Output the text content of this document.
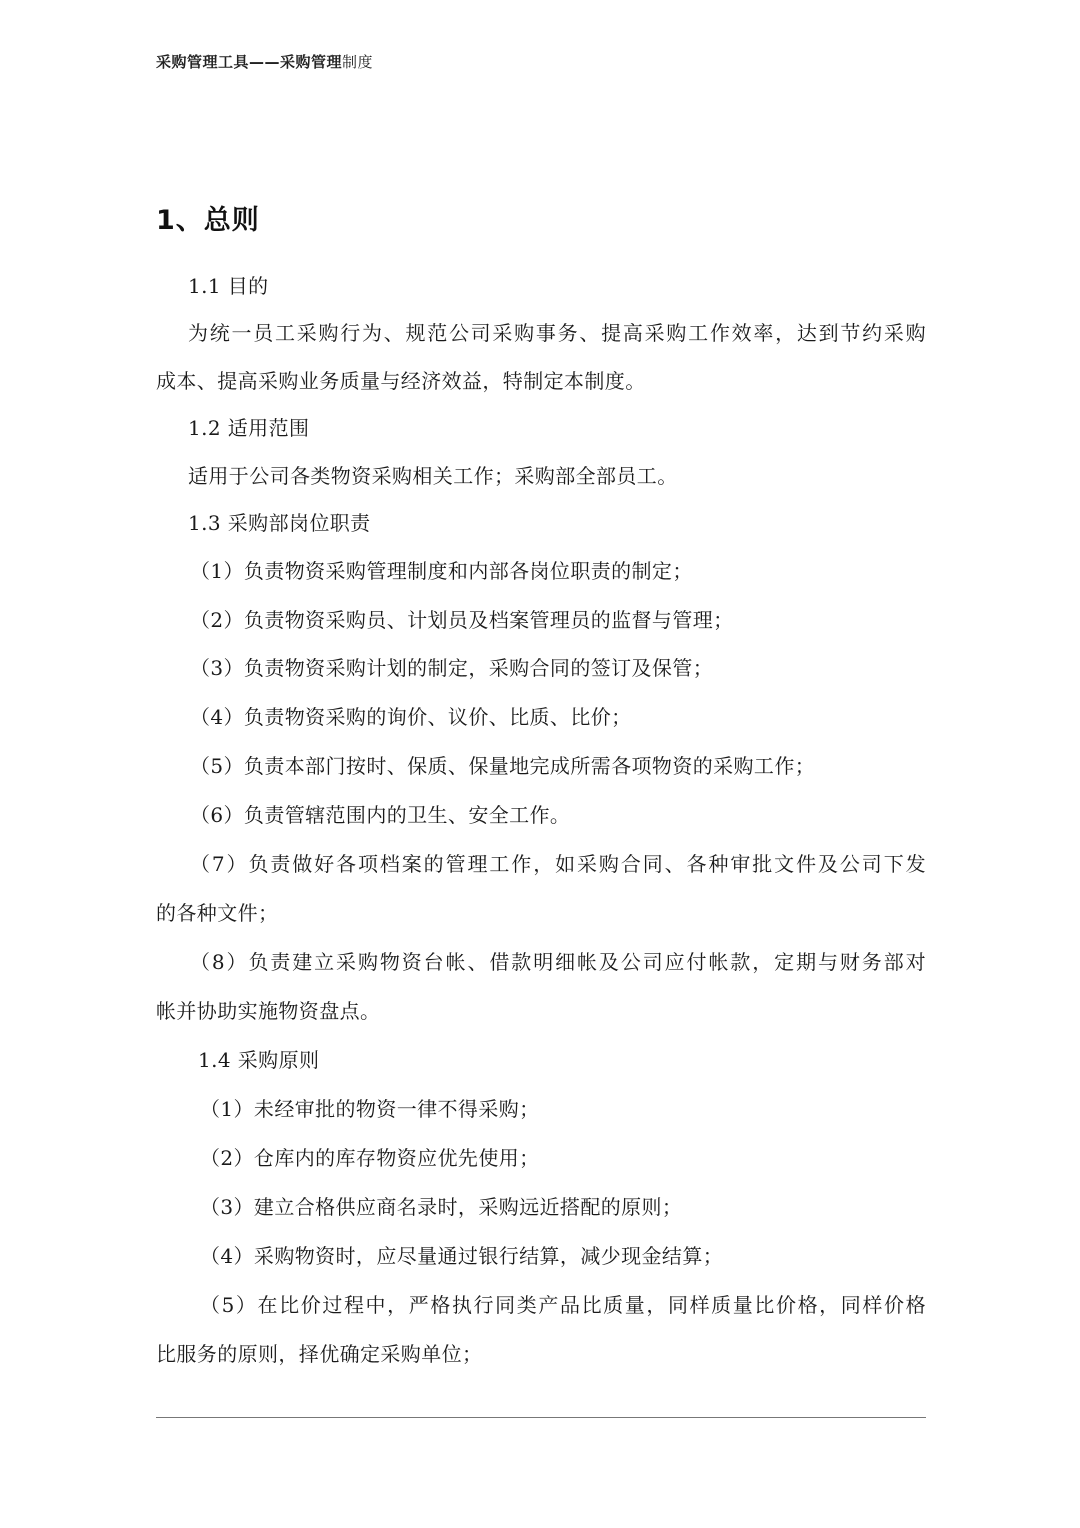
采购管理工具——采购管理制度
1、总则
1.1 目的
为统一员工采购行为、规范公司采购事务、提高采购工作效率，达到节约采购
成本、提高采购业务质量与经济效益，特制定本制度。
1.2 适用范围
适用于公司各类物资采购相关工作；采购部全部员工。
1.3 采购部岗位职责
（1）负责物资采购管理制度和内部各岗位职责的制定；
（2）负责物资采购员、计划员及档案管理员的监督与管理；
（3）负责物资采购计划的制定，采购合同的签订及保管；
（4）负责物资采购的询价、议价、比质、比价；
（5）负责本部门按时、保质、保量地完成所需各项物资的采购工作；
（6）负责管辖范围内的卫生、安全工作。
（7）负责做好各项档案的管理工作，如采购合同、各种审批文件及公司下发
的各种文件；
（8）负责建立采购物资台帐、借款明细帐及公司应付帐款，定期与财务部对
帐并协助实施物资盘点。
1.4 采购原则
（1）未经审批的物资一律不得采购；
（2）仓库内的库存物资应优先使用；
（3）建立合格供应商名录时，采购远近搭配的原则；
（4）采购物资时，应尽量通过银行结算，减少现金结算；
（5）在比价过程中，严格执行同类产品比质量，同样质量比价格，同样价格
比服务的原则，择优确定采购单位；
